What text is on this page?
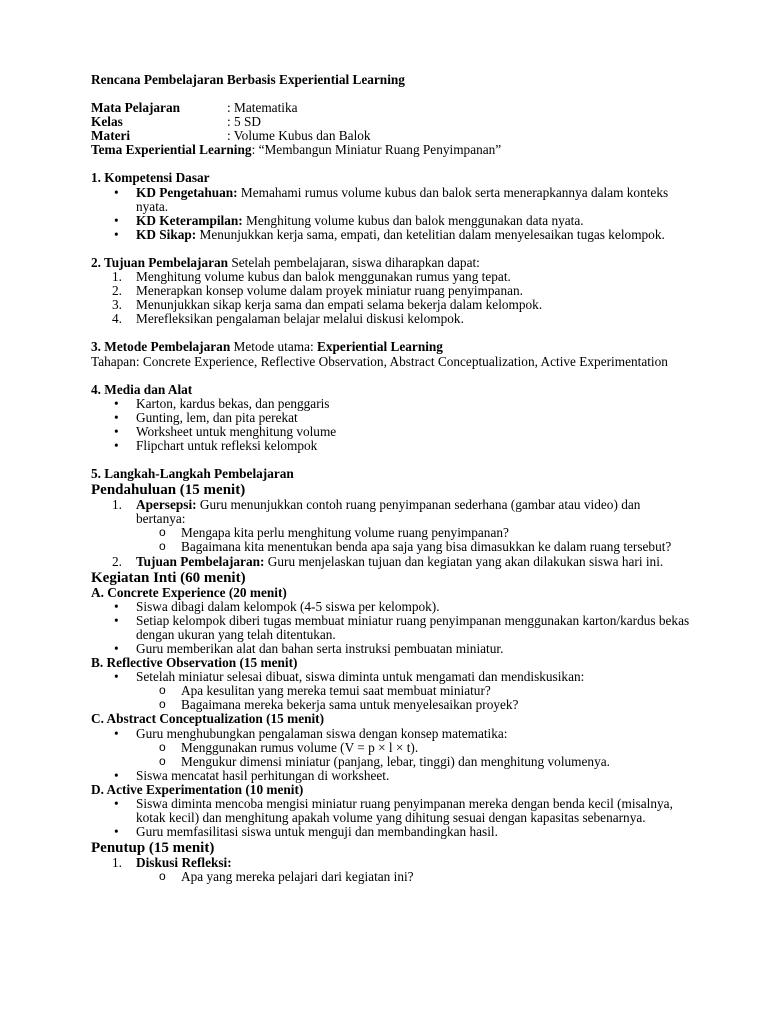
Rencana Pembelajaran Berbasis Experiential Learning

Mata Pelajaran	: Matematika
Kelas	: 5 SD
Materi	: Volume Kubus dan Balok

Tema Experiential Learning: “Membangun Miniatur Ruang Penyimpanan”

1. Kompetensi Dasar

• KD Pengetahuan: Memahami rumus volume kubus dan balok serta menerapkannya dalam konteks nyata.
• KD Keterampilan: Menghitung volume kubus dan balok menggunakan data nyata.
• KD Sikap: Menunjukkan kerja sama, empati, dan ketelitian dalam menyelesaikan tugas kelompok.

2. Tujuan Pembelajaran Setelah pembelajaran, siswa diharapkan dapat:

1. Menghitung volume kubus dan balok menggunakan rumus yang tepat.
2. Menerapkan konsep volume dalam proyek miniatur ruang penyimpanan.
3. Menunjukkan sikap kerja sama dan empati selama bekerja dalam kelompok.
4. Merefleksikan pengalaman belajar melalui diskusi kelompok.

3. Metode Pembelajaran Metode utama: Experiential Learning

Tahapan: Concrete Experience, Reflective Observation, Abstract Conceptualization, Active Experimentation

4. Media dan Alat

• Karton, kardus bekas, dan penggaris
• Gunting, lem, dan pita perekat
• Worksheet untuk menghitung volume
• Flipchart untuk refleksi kelompok

5. Langkah-Langkah Pembelajaran

Pendahuluan (15 menit)

1. Apersepsi: Guru menunjukkan contoh ruang penyimpanan sederhana (gambar atau video) dan bertanya:
o Mengapa kita perlu menghitung volume ruang penyimpanan?
o Bagaimana kita menentukan benda apa saja yang bisa dimasukkan ke dalam ruang tersebut?
2. Tujuan Pembelajaran: Guru menjelaskan tujuan dan kegiatan yang akan dilakukan siswa hari ini.

Kegiatan Inti (60 menit)

A. Concrete Experience (20 menit)

• Siswa dibagi dalam kelompok (4-5 siswa per kelompok).
• Setiap kelompok diberi tugas membuat miniatur ruang penyimpanan menggunakan karton/kardus bekas dengan ukuran yang telah ditentukan.
• Guru memberikan alat dan bahan serta instruksi pembuatan miniatur.

B. Reflective Observation (15 menit)

• Setelah miniatur selesai dibuat, siswa diminta untuk mengamati dan mendiskusikan:
o Apa kesulitan yang mereka temui saat membuat miniatur?
o Bagaimana mereka bekerja sama untuk menyelesaikan proyek?

C. Abstract Conceptualization (15 menit)

• Guru menghubungkan pengalaman siswa dengan konsep matematika:
o Menggunakan rumus volume (V = p × l × t).
o Mengukur dimensi miniatur (panjang, lebar, tinggi) dan menghitung volumenya.
• Siswa mencatat hasil perhitungan di worksheet.

D. Active Experimentation (10 menit)

• Siswa diminta mencoba mengisi miniatur ruang penyimpanan mereka dengan benda kecil (misalnya, kotak kecil) dan menghitung apakah volume yang dihitung sesuai dengan kapasitas sebenarnya.
• Guru memfasilitasi siswa untuk menguji dan membandingkan hasil.

Penutup (15 menit)

1. Diskusi Refleksi:
o Apa yang mereka pelajari dari kegiatan ini?
